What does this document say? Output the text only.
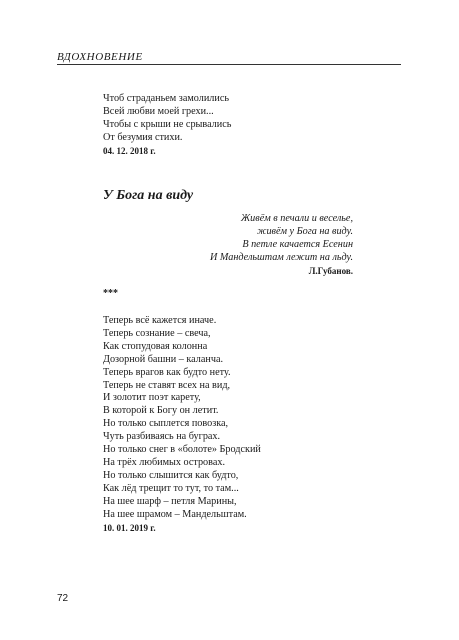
ВДОХНОВЕНИЕ
Чтоб страданьем замолились
Всей любви моей грехи...
Чтобы с крыши не срывались
От безумия стихи.
04. 12. 2018 г.
У Бога на виду
Живём в печали и веселье,
живём у Бога на виду.
В петле качается Есенин
И Мандельштам лежит на льду.
Л.Губанов.
***
Теперь всё кажется иначе.
Теперь сознание – свеча,
Как стопудовая колонна
Дозорной башни – каланча.
Теперь врагов как будто нету.
Теперь не ставят всех на вид,
И золотит поэт карету,
В которой к Богу он летит.
Но только сыплется повозка,
Чуть разбиваясь на буграх.
Но только снег в «болоте» Бродский
На трёх любимых островах.
Но только слышится как будто,
Как лёд трещит то тут, то там...
На шее шарф – петля Марины,
На шее шрамом – Мандельштам.
10. 01. 2019 г.
72
